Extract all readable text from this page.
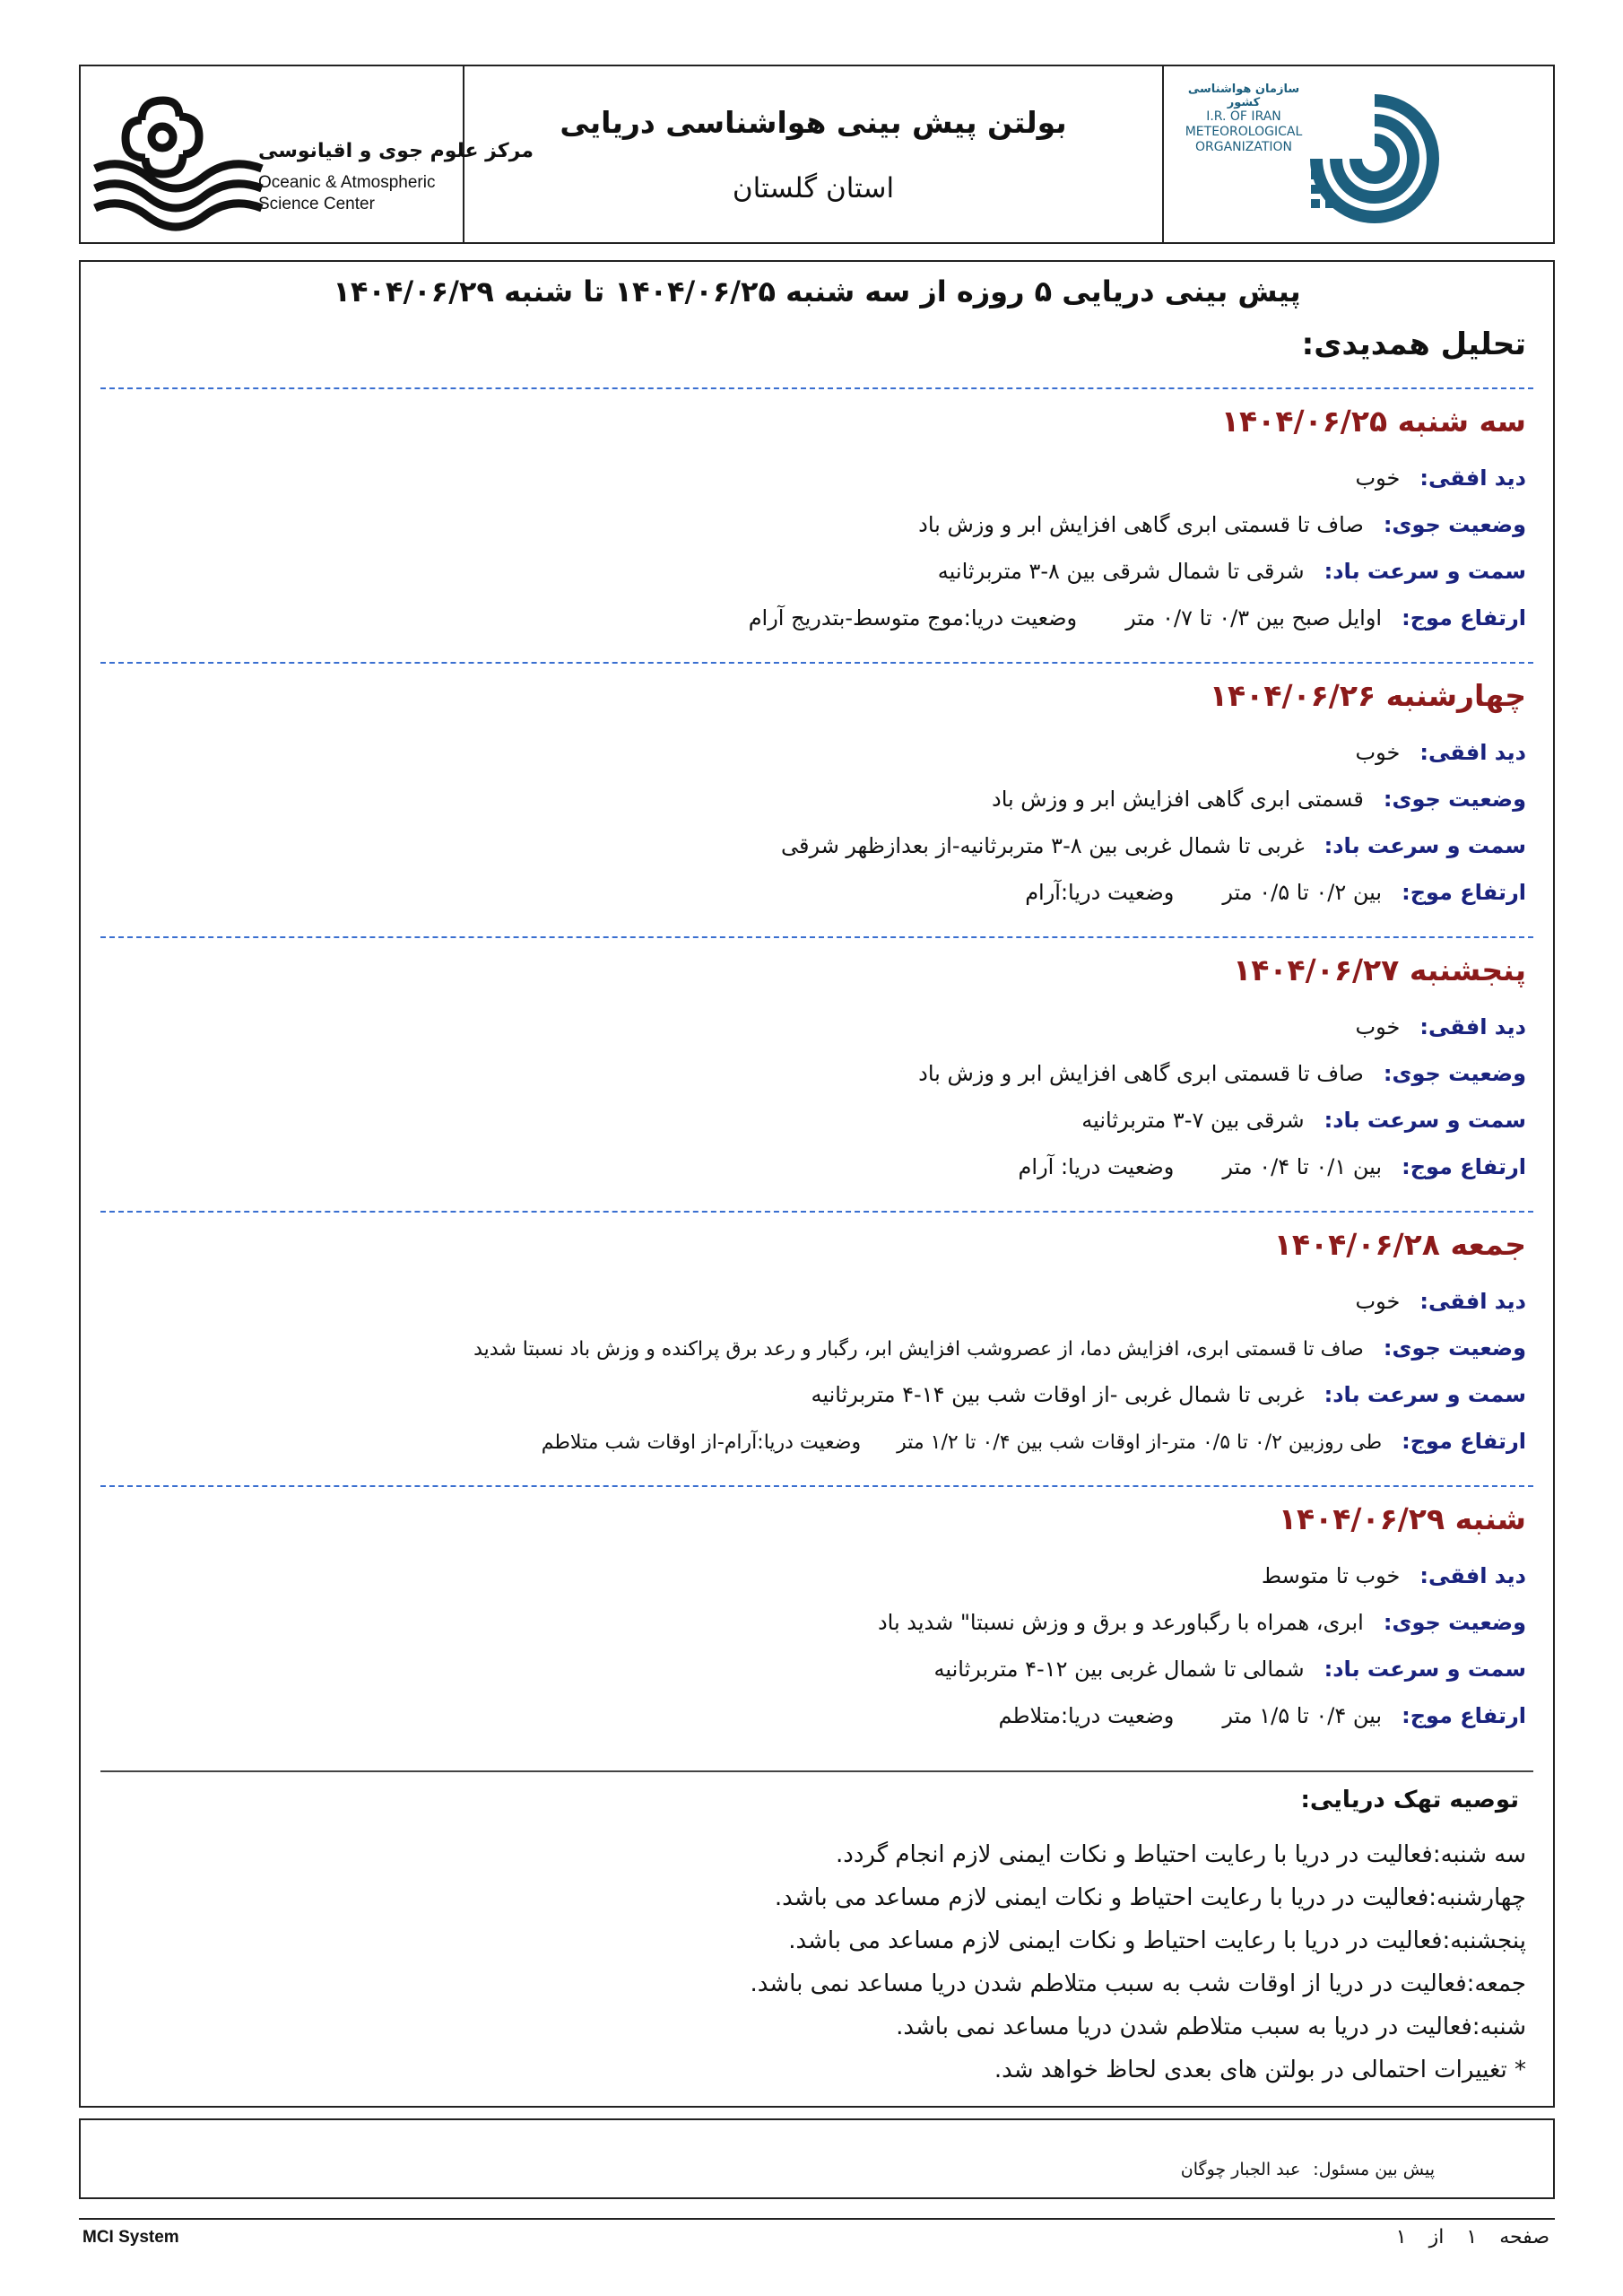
سازمان هواشناسی کشور
I.R. OF IRAN
METEOROLOGICAL
ORGANIZATION
بولتن پیش بینی هواشناسی دریایی
استان گلستان
مرکز علوم جوی و اقیانوسی
Oceanic & Atmospheric
Science Center
پیش بینی دریایی ۵ روزه از سه شنبه ۱۴۰۴/۰۶/۲۵ تا شنبه ۱۴۰۴/۰۶/۲۹
تحلیل همدیدی:
سه شنبه ۱۴۰۴/۰۶/۲۵
دید افقی:خوب
وضعیت جوی:صاف تا قسمتی ابری گاهی افزایش ابر و وزش باد
سمت و سرعت باد:شرقی تا شمال شرقی بین ۸-۳ متربرثانیه
ارتفاع موج:اوایل صبح بین ۰/۳ تا ۰/۷ متروضعیت دریا:موج متوسط-بتدریج آرام
چهارشنبه ۱۴۰۴/۰۶/۲۶
دید افقی:خوب
وضعیت جوی:قسمتی ابری گاهی افزایش ابر و وزش باد
سمت و سرعت باد:غربی تا شمال غربی بین ۸-۳ متربرثانیه-از بعدازظهر شرقی
ارتفاع موج:بین ۰/۲ تا ۰/۵ متروضعیت دریا:آرام
پنجشنبه ۱۴۰۴/۰۶/۲۷
دید افقی:خوب
وضعیت جوی:صاف تا قسمتی ابری گاهی افزایش ابر و وزش باد
سمت و سرعت باد:شرقی بین ۷-۳ متربرثانیه
ارتفاع موج:بین ۰/۱ تا ۰/۴ متروضعیت دریا: آرام
جمعه ۱۴۰۴/۰۶/۲۸
دید افقی:خوب
وضعیت جوی:صاف تا قسمتی ابری، افزایش دما، از عصروشب افزایش ابر، رگبار و رعد برق پراکنده و وزش باد نسبتا شدید
سمت و سرعت باد:غربی تا شمال غربی -از اوقات شب بین ۱۴-۴ متربرثانیه
ارتفاع موج:طی روزبین ۰/۲ تا ۰/۵ متر-از اوقات شب بین ۰/۴ تا ۱/۲ متروضعیت دریا:آرام-از اوقات شب متلاطم
شنبه ۱۴۰۴/۰۶/۲۹
دید افقی:خوب تا متوسط
وضعیت جوی:ابری، همراه با رگباورعد و برق و وزش نسبتا" شدید باد
سمت و سرعت باد:شمالی تا شمال غربی بین ۱۲-۴ متربرثانیه
ارتفاع موج:بین ۰/۴ تا ۱/۵ متروضعیت دریا:متلاطم
توصیه تهک دریایی:
سه شنبه:فعالیت در دریا با رعایت احتیاط و نکات ایمنی لازم انجام گردد.
چهارشنبه:فعالیت در دریا با رعایت احتیاط و نکات ایمنی لازم مساعد می باشد.
پنجشنبه:فعالیت در دریا با رعایت احتیاط و نکات ایمنی لازم مساعد می باشد.
جمعه:فعالیت در دریا از اوقات شب به سبب متلاطم شدن دریا مساعد نمی باشد.
شنبه:فعالیت در دریا به سبب متلاطم شدن دریا مساعد نمی باشد.
* تغییرات احتمالی در بولتن های بعدی لحاظ خواهد شد.
پیش بین مسئول:عبد الجبار چوگان
MCI System	صفحه ۱ از ۱
